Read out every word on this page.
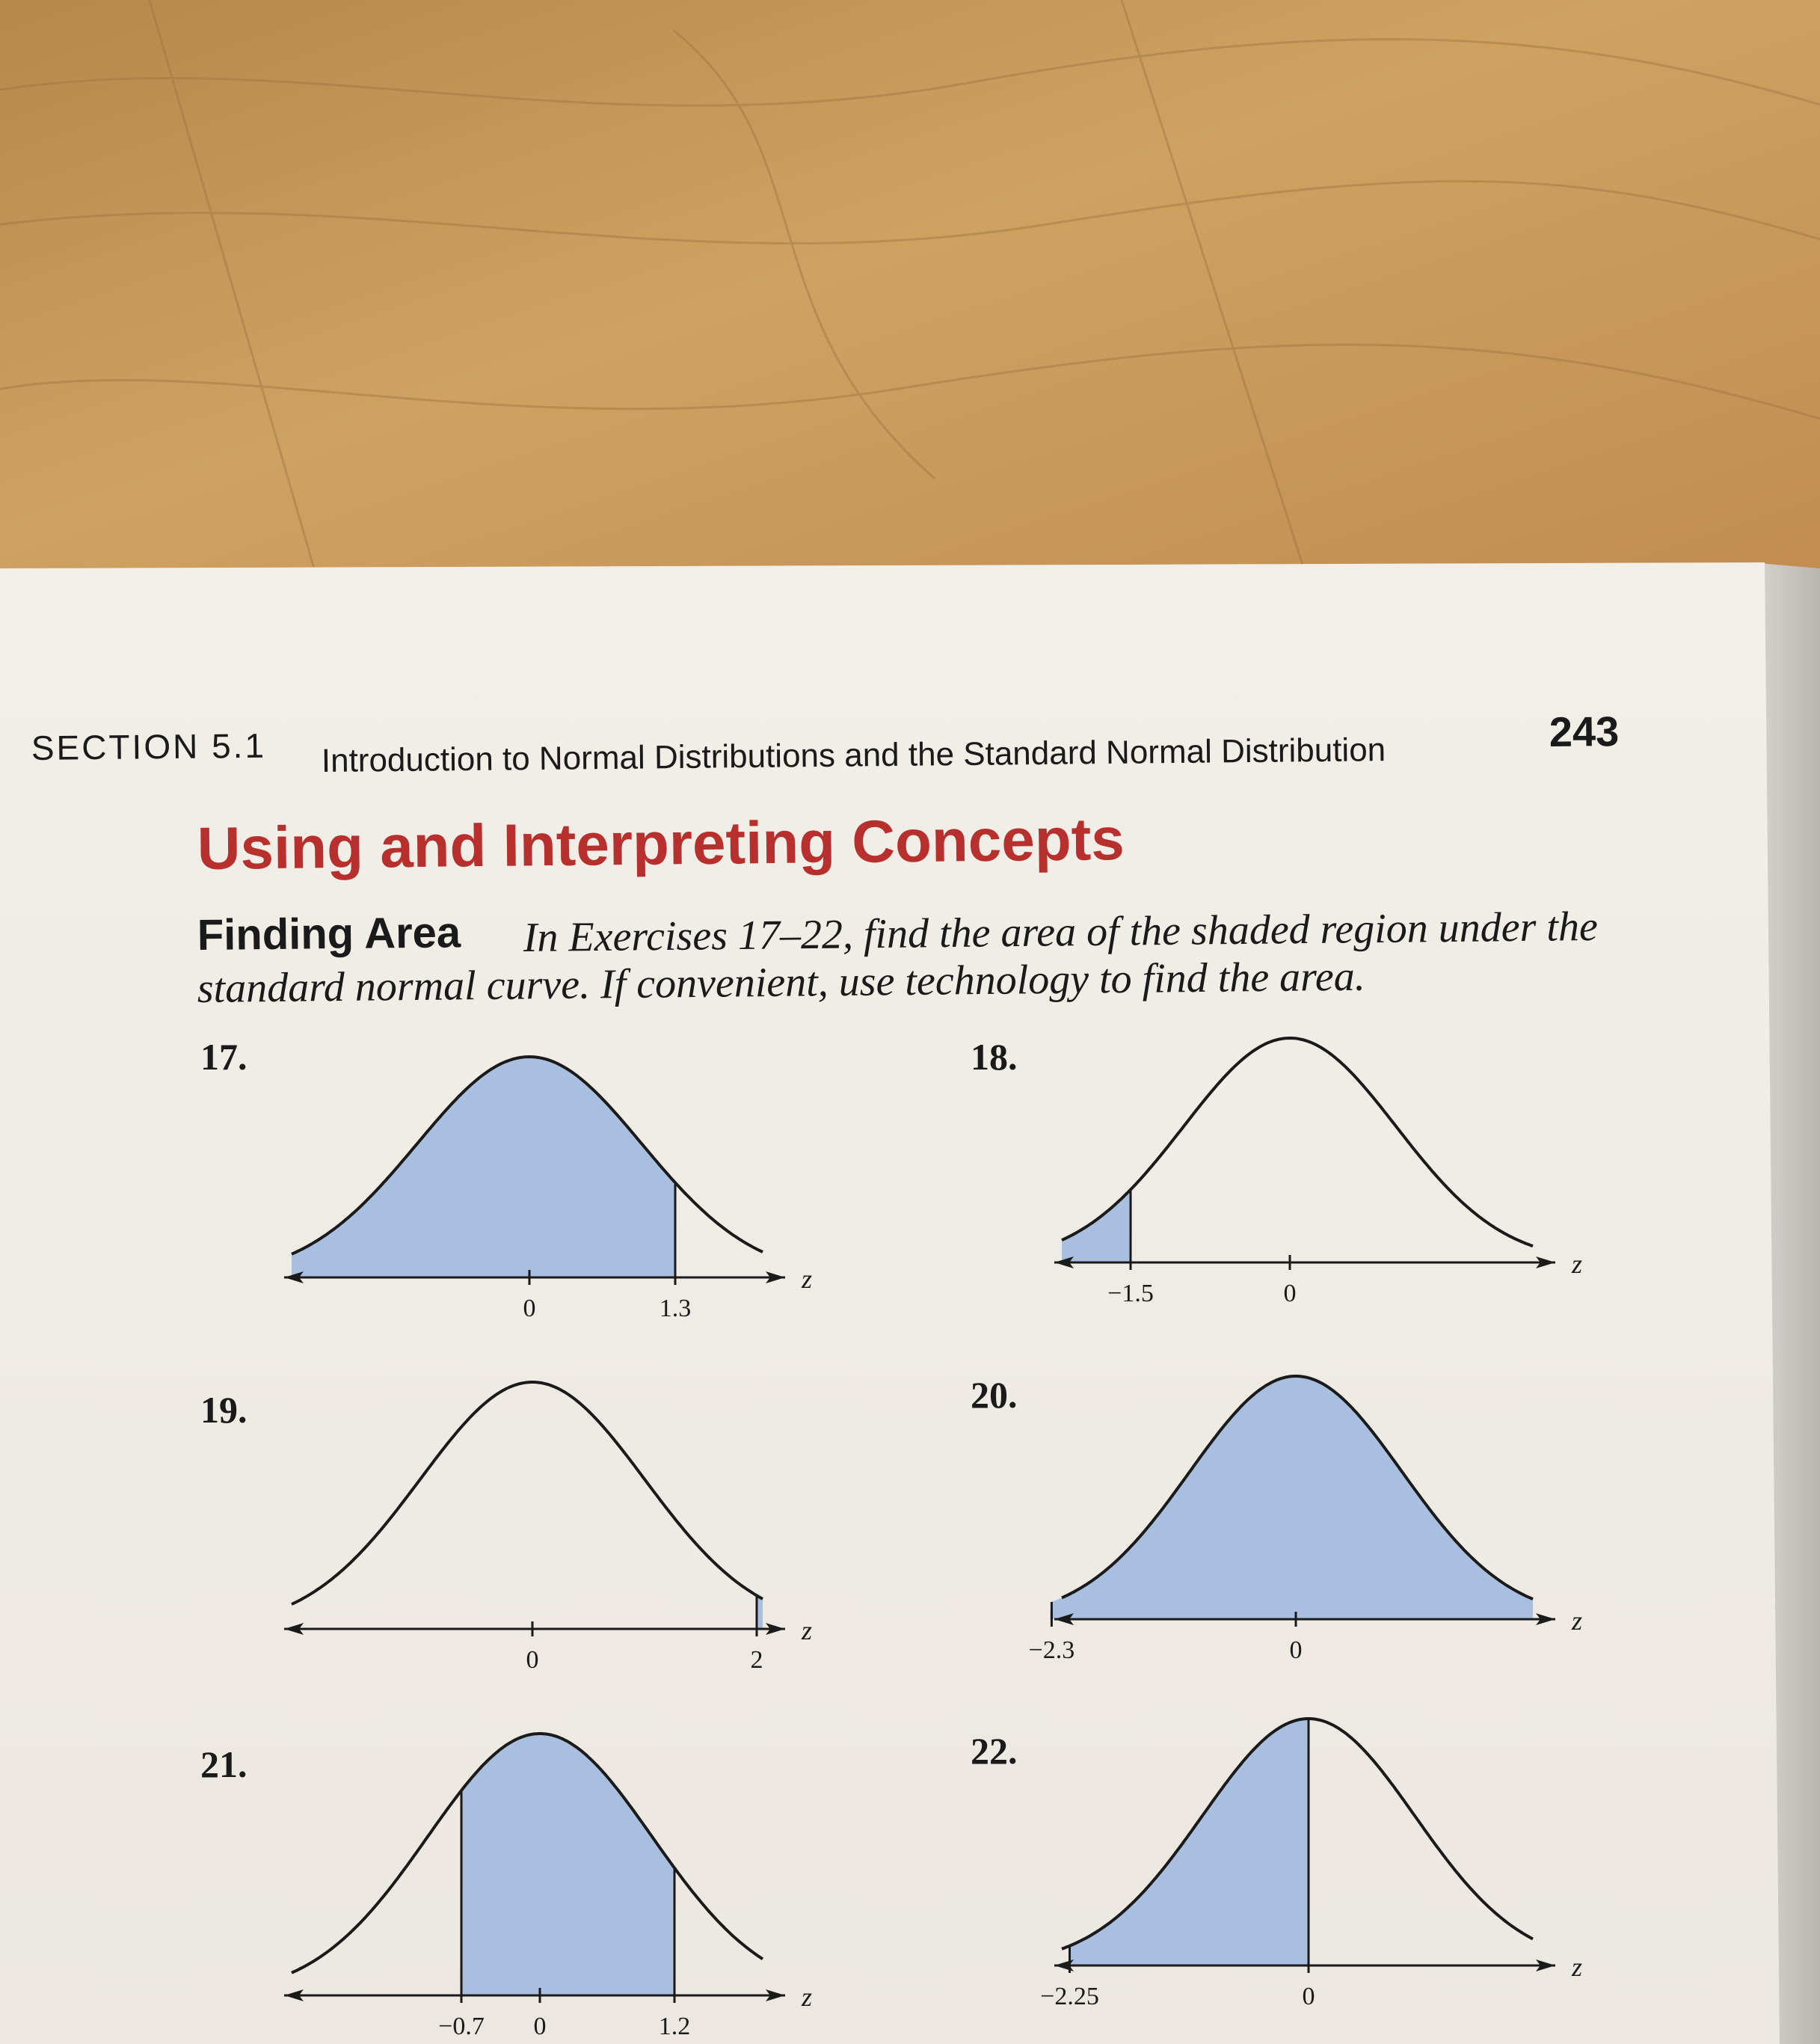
SECTION 5.1 Introduction to Normal Distributions and the Standard Normal Distribution
243
Using and Interpreting Concepts
Finding Area In Exercises 17–22, find the area of the shaded region under the
standard normal curve. If convenient, use technology to find the area.
z
0	1.3
17.
z
−1.5	0
18.
z
0	2
19.
z
−2.3	0
20.
z
−0.7 0	1.2
21.
z
−2.25	0
22.
